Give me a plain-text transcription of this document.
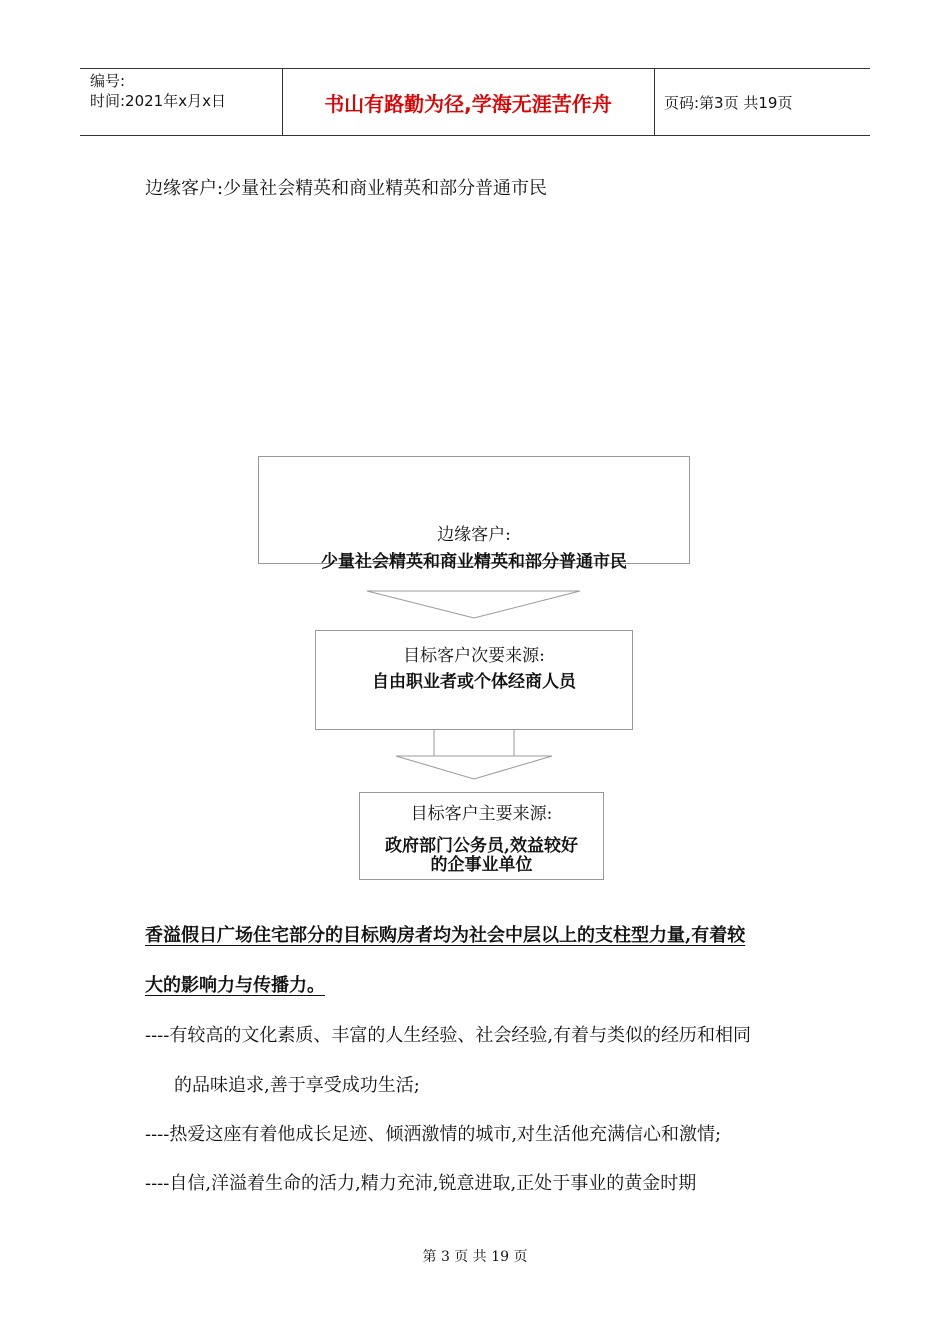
编号:
时间:2021年x月x日	书山有路勤为径,学海无涯苦作舟	页码:第3页 共19页
边缘客户:少量社会精英和商业精英和部分普通市民
边缘客户:
少量社会精英和商业精英和部分普通市民
目标客户次要来源:
自由职业者或个体经商人员
目标客户主要来源:
政府部门公务员,效益较好
的企事业单位
香溢假日广场住宅部分的目标购房者均为社会中层以上的支柱型力量,有着较
大的影响力与传播力。
----有较高的文化素质、丰富的人生经验、社会经验,有着与类似的经历和相同
的品味追求,善于享受成功生活;
----热爱这座有着他成长足迹、倾洒激情的城市,对生活他充满信心和激情;
----自信,洋溢着生命的活力,精力充沛,锐意进取,正处于事业的黄金时期
第 3 页 共 19 页
